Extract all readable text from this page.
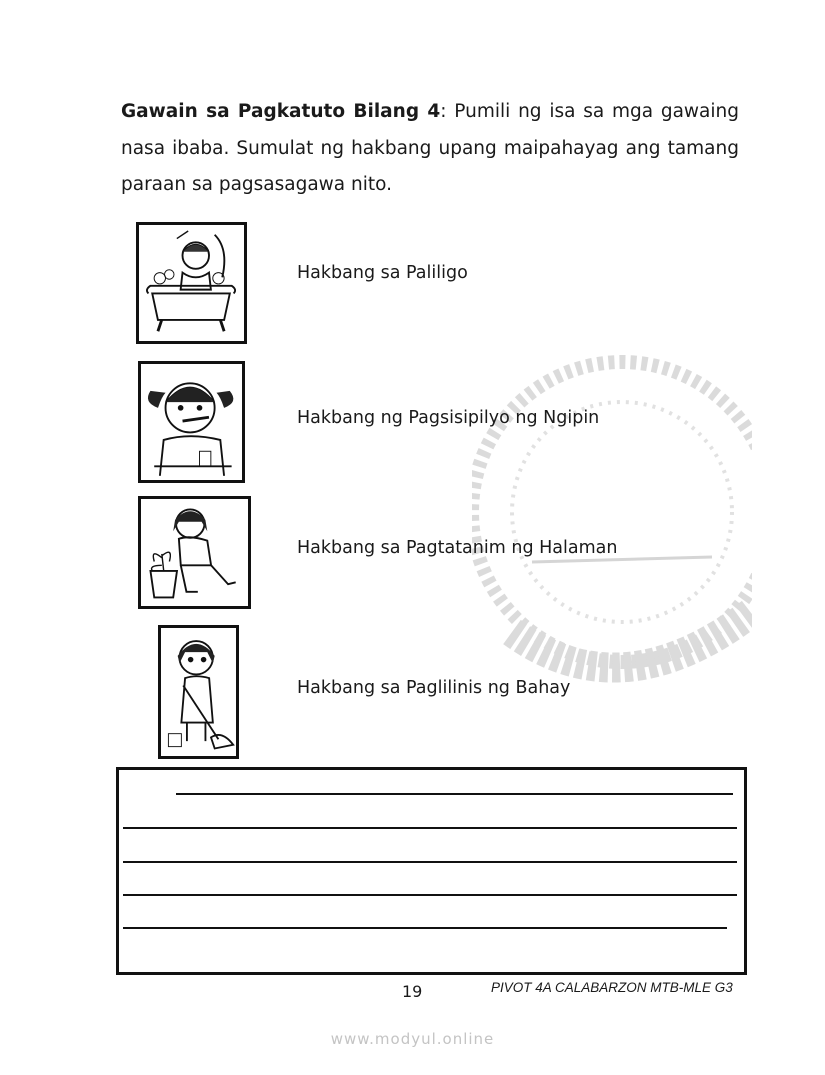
Gawain sa Pagkatuto Bilang 4: Pumili ng isa sa mga gawaing nasa ibaba. Sumulat ng hakbang upang maipahayag ang tamang paraan sa pagsasagawa nito.
Hakbang sa Paliligo
Hakbang ng Pagsisipilyo ng Ngipin
Hakbang sa Pagtatanim ng Halaman
Hakbang sa Paglilinis ng Bahay
19	PIVOT 4A CALABARZON MTB-MLE G3
www.modyul.online
